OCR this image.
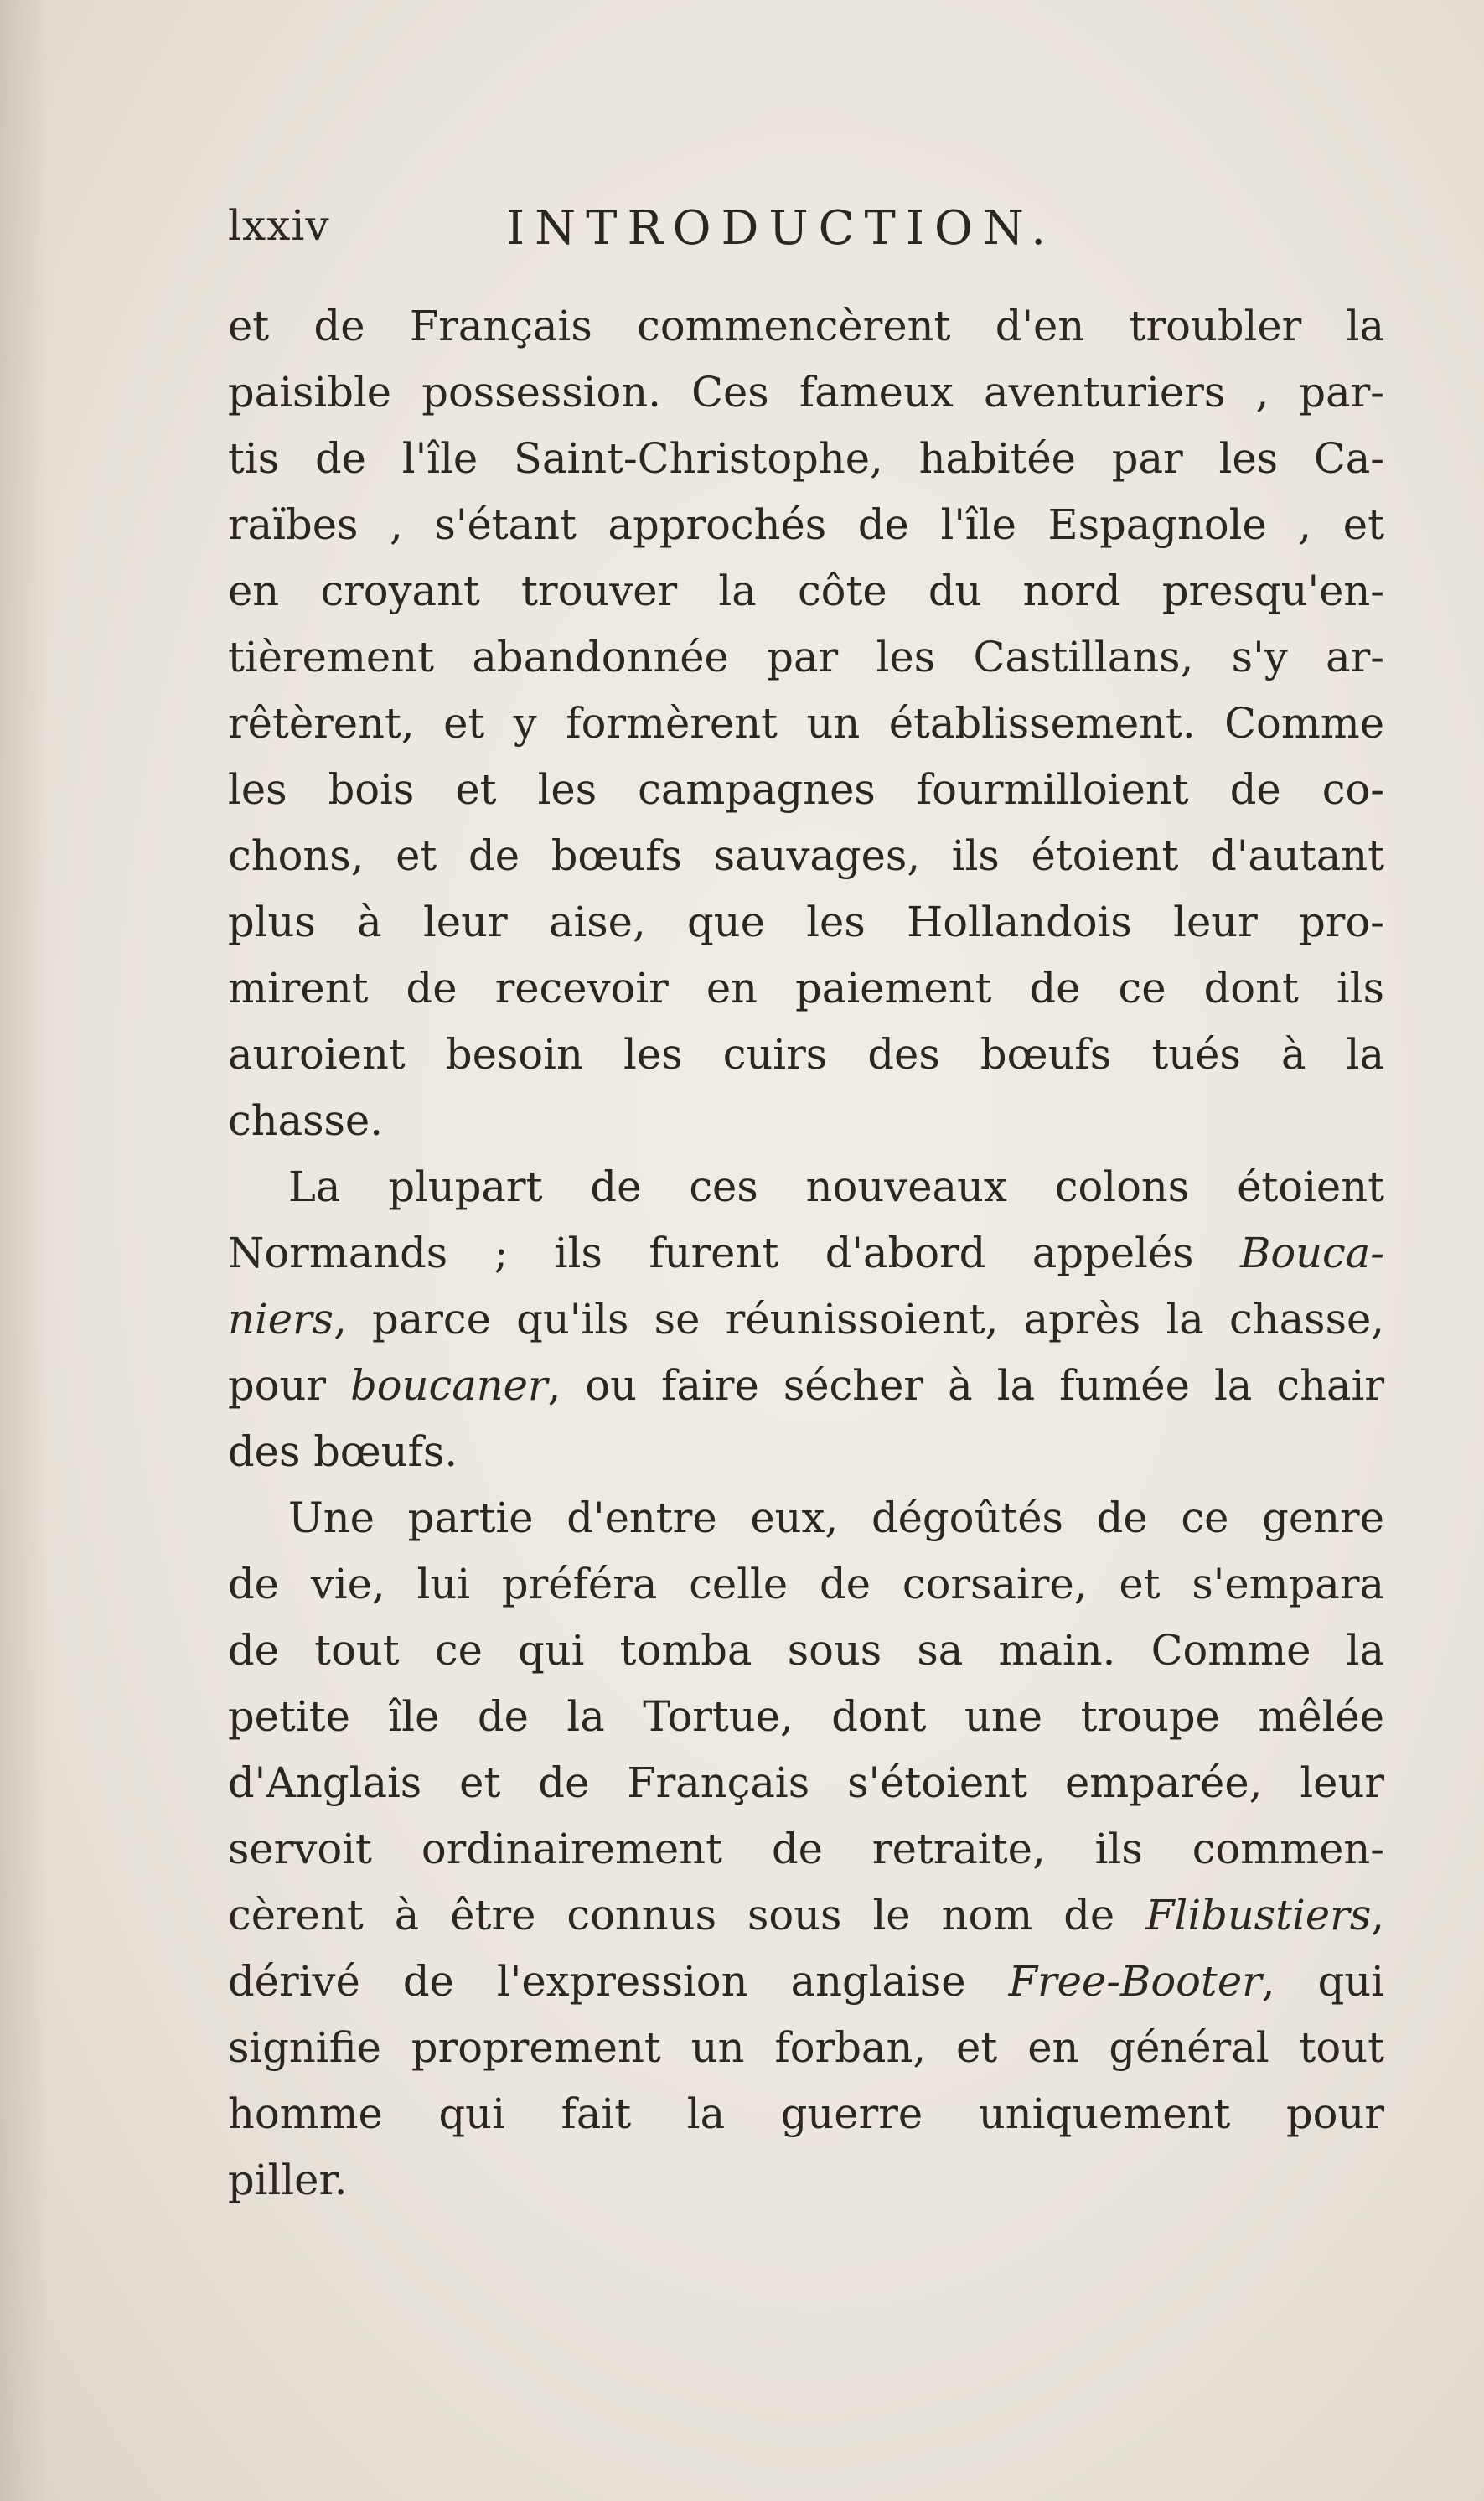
lxxiv	INTRODUCTION.

et de Français commencèrent d'en troubler la
paisible possession. Ces fameux aventuriers , par-
tis de l'île Saint-Christophe, habitée par les Ca-
raïbes , s'étant approchés de l'île Espagnole , et
en croyant trouver la côte du nord presqu'en-
tièrement abandonnée par les Castillans, s'y ar-
rêtèrent, et y formèrent un établissement. Comme
les bois et les campagnes fourmilloient de co-
chons, et de bœufs sauvages, ils étoient d'autant
plus à leur aise, que les Hollandois leur pro-
mirent de recevoir en paiement de ce dont ils
auroient besoin les cuirs des bœufs tués à la
chasse.

La plupart de ces nouveaux colons étoient
Normands ; ils furent d'abord appelés Bouca-
niers, parce qu'ils se réunissoient, après la chasse,
pour boucaner, ou faire sécher à la fumée la chair
des bœufs.

Une partie d'entre eux, dégoûtés de ce genre
de vie, lui préféra celle de corsaire, et s'empara
de tout ce qui tomba sous sa main. Comme la
petite île de la Tortue, dont une troupe mêlée
d'Anglais et de Français s'étoient emparée, leur
servoit ordinairement de retraite, ils commen-
cèrent à être connus sous le nom de Flibustiers,
dérivé de l'expression anglaise Free-Booter, qui
signifie proprement un forban, et en général tout
homme qui fait la guerre uniquement pour
piller.
